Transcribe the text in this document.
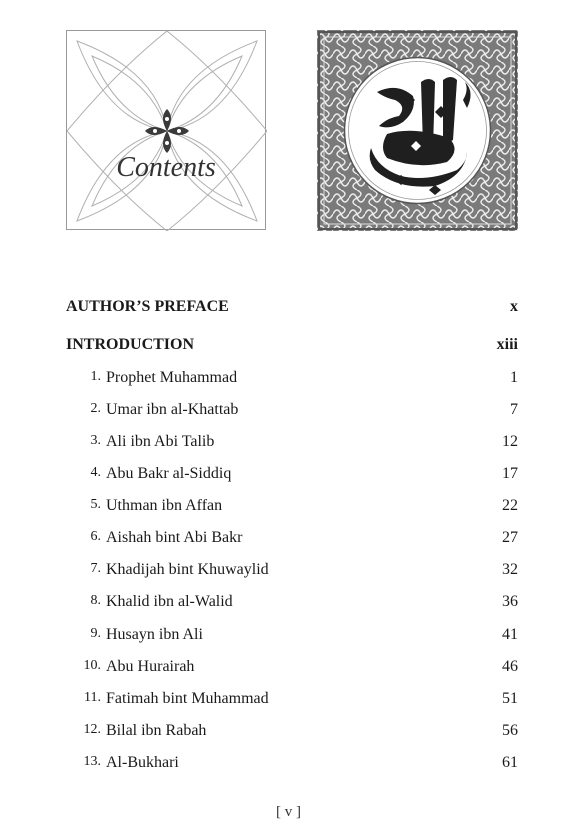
Contents
AUTHOR’S PREFACE	x
INTRODUCTION	xiii
1. Prophet Muhammad	1
2. Umar ibn al-Khattab	7
3. Ali ibn Abi Talib	12
4. Abu Bakr al-Siddiq	17
5. Uthman ibn Affan	22
6. Aishah bint Abi Bakr	27
7. Khadijah bint Khuwaylid	32
8. Khalid ibn al-Walid	36
9. Husayn ibn Ali	41
10. Abu Hurairah	46
11. Fatimah bint Muhammad	51
12. Bilal ibn Rabah	56
13. Al-Bukhari	61
[ v ]
